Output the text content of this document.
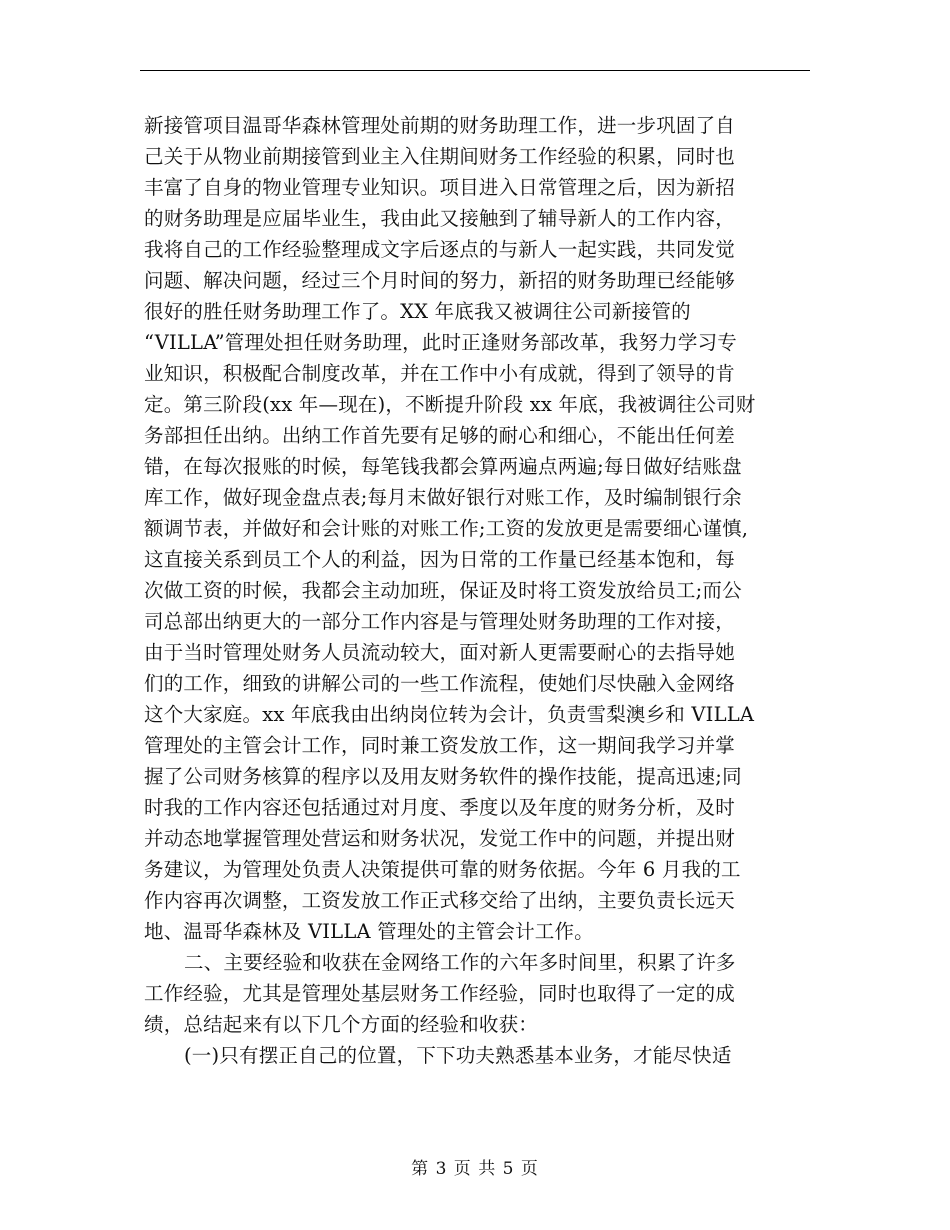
新接管项目温哥华森林管理处前期的财务助理工作，进一步巩固了自
己关于从物业前期接管到业主入住期间财务工作经验的积累，同时也
丰富了自身的物业管理专业知识。项目进入日常管理之后，因为新招
的财务助理是应届毕业生，我由此又接触到了辅导新人的工作内容，
我将自己的工作经验整理成文字后逐点的与新人一起实践，共同发觉
问题、解决问题，经过三个月时间的努力，新招的财务助理已经能够
很好的胜任财务助理工作了。XX 年底我又被调往公司新接管的
“VILLA”管理处担任财务助理，此时正逢财务部改革，我努力学习专
业知识，积极配合制度改革，并在工作中小有成就，得到了领导的肯
定。第三阶段(xx 年—现在)，不断提升阶段 xx 年底，我被调往公司财
务部担任出纳。出纳工作首先要有足够的耐心和细心，不能出任何差
错，在每次报账的时候，每笔钱我都会算两遍点两遍;每日做好结账盘
库工作，做好现金盘点表;每月末做好银行对账工作，及时编制银行余
额调节表，并做好和会计账的对账工作;工资的发放更是需要细心谨慎,
这直接关系到员工个人的利益，因为日常的工作量已经基本饱和，每
次做工资的时候，我都会主动加班，保证及时将工资发放给员工;而公
司总部出纳更大的一部分工作内容是与管理处财务助理的工作对接，
由于当时管理处财务人员流动较大，面对新人更需要耐心的去指导她
们的工作，细致的讲解公司的一些工作流程，使她们尽快融入金网络
这个大家庭。xx 年底我由出纳岗位转为会计，负责雪梨澳乡和 VILLA
管理处的主管会计工作，同时兼工资发放工作，这一期间我学习并掌
握了公司财务核算的程序以及用友财务软件的操作技能，提高迅速;同
时我的工作内容还包括通过对月度、季度以及年度的财务分析，及时
并动态地掌握管理处营运和财务状况，发觉工作中的问题，并提出财
务建议，为管理处负责人决策提供可靠的财务依据。今年 6 月我的工
作内容再次调整，工资发放工作正式移交给了出纳，主要负责长远天
地、温哥华森林及 VILLA 管理处的主管会计工作。
二、主要经验和收获在金网络工作的六年多时间里，积累了许多
工作经验，尤其是管理处基层财务工作经验，同时也取得了一定的成
绩，总结起来有以下几个方面的经验和收获：
(一)只有摆正自己的位置，下下功夫熟悉基本业务，才能尽快适
第 3 页 共 5 页
